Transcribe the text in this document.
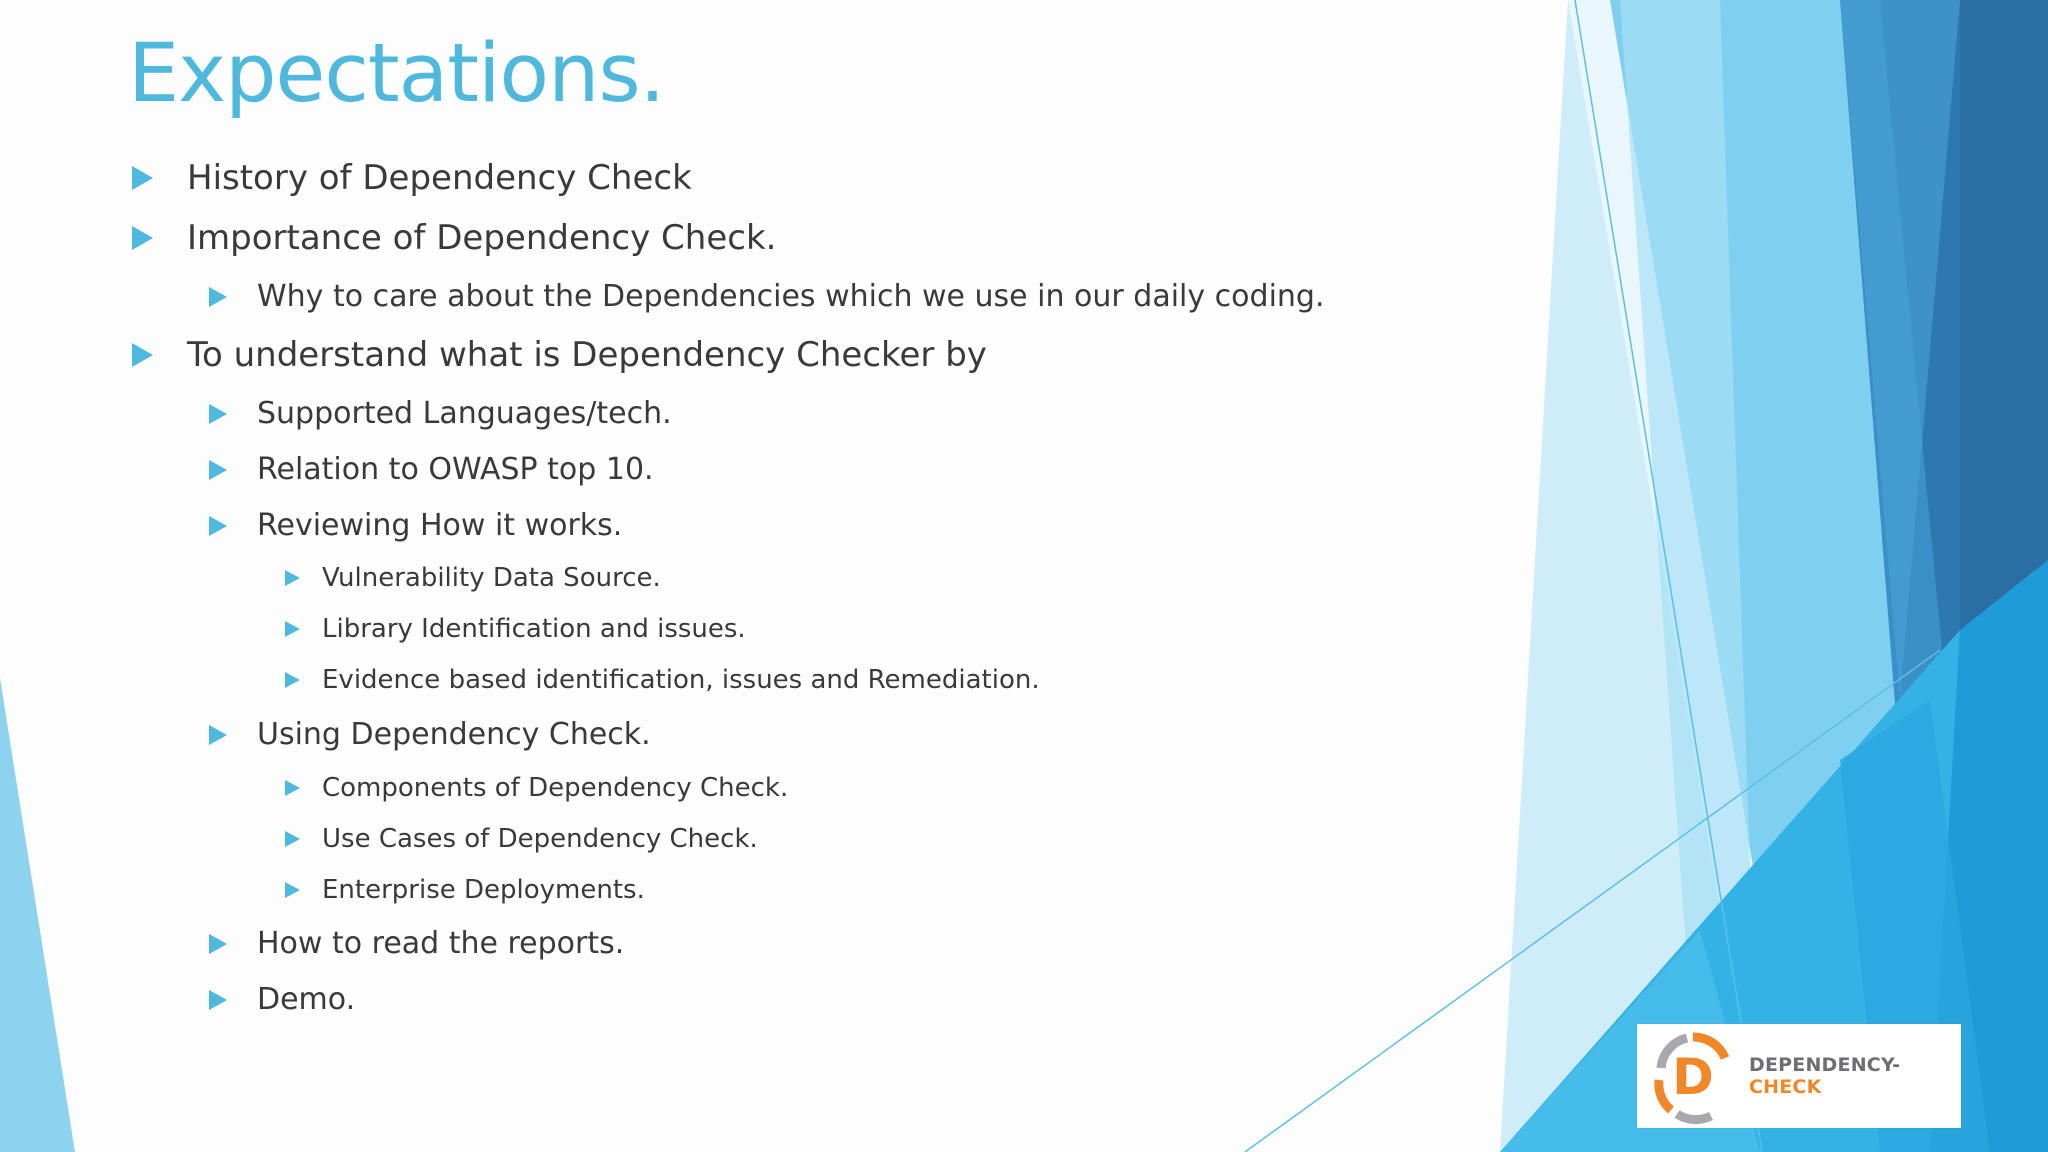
Expectations.
History of Dependency Check
Importance of Dependency Check.
Why to care about the Dependencies which we use in our daily coding.
To understand what is Dependency Checker by
Supported Languages/tech.
Relation to OWASP top 10.
Reviewing How it works.
Vulnerability Data Source.
Library Identification and issues.
Evidence based identification, issues and Remediation.
Using Dependency Check.
Components of Dependency Check.
Use Cases of Dependency Check.
Enterprise Deployments.
How to read the reports.
Demo.
D DEPENDENCY-CHECK
